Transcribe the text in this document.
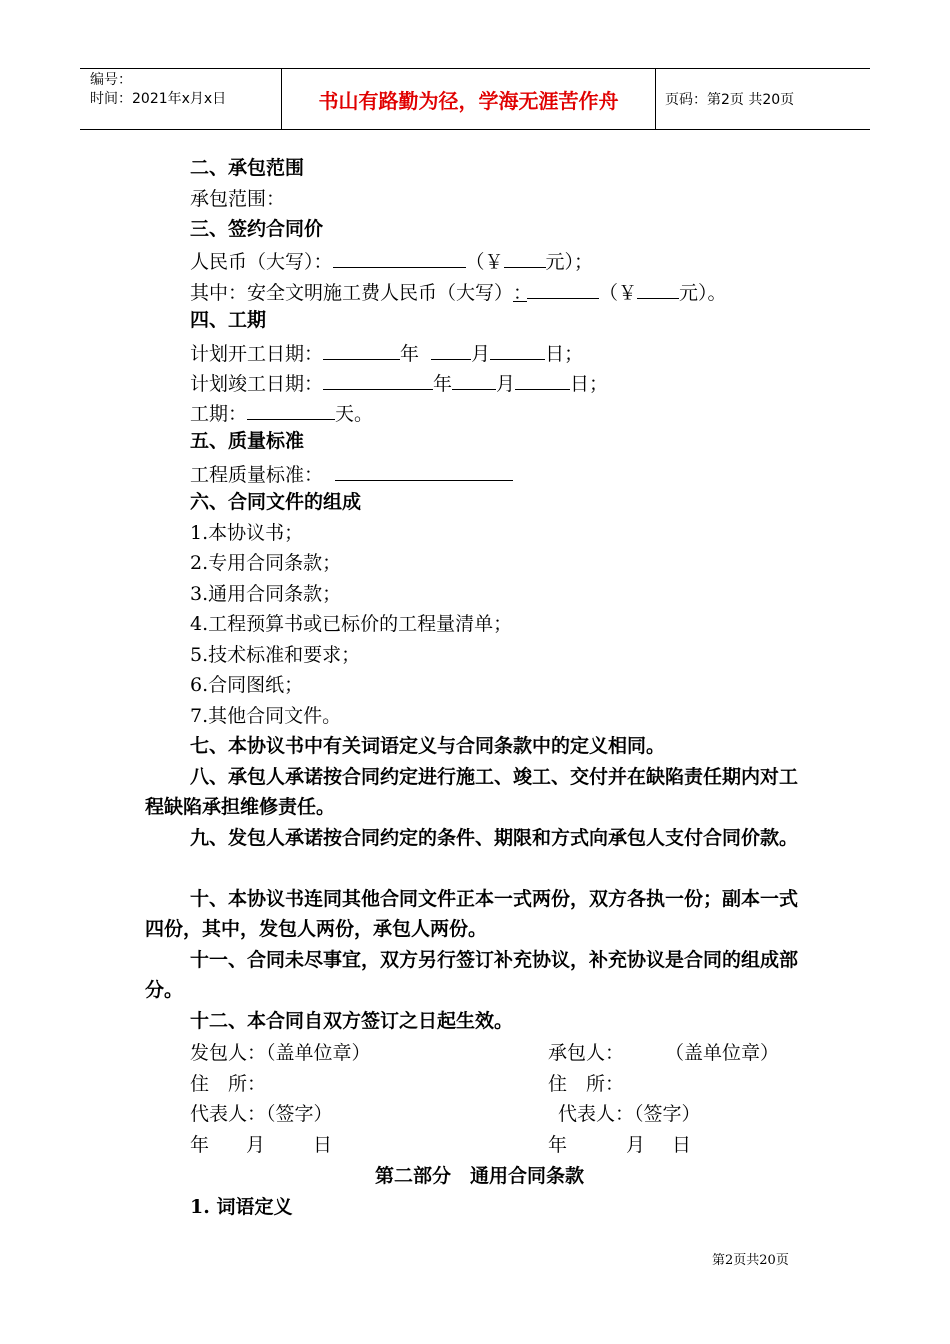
编号：
时间：2021年x月x日	书山有路勤为径，学海无涯苦作舟	页码：第2页 共20页
二、承包范围
承包范围：
三、签约合同价
人民币（大写）：	（￥ 元）；
其中：安全文明施工费人民币（大写）：	（￥ 元）。
四、工期
计划开工日期：	年	月	日；
计划竣工日期：	年 月	日；
工期：	天。
五、质量标准
工程质量标准：
六、合同文件的组成
1.本协议书；
2.专用合同条款；
3.通用合同条款；
4.工程预算书或已标价的工程量清单；
5.技术标准和要求；
6.合同图纸；
7.其他合同文件。
七、本协议书中有关词语定义与合同条款中的定义相同。
八、承包人承诺按合同约定进行施工、竣工、交付并在缺陷责任期内对工程缺陷承担维修责任。
九、发包人承诺按合同约定的条件、期限和方式向承包人支付合同价款。
十、本协议书连同其他合同文件正本一式两份，双方各执一份；副本一式四份，其中，发包人两份，承包人两份。
十一、合同未尽事宜，双方另行签订补充协议，补充协议是合同的组成部分。
十二、本合同自双方签订之日起生效。
发包人：（盖单位章）	承包人： （盖单位章）
住　所：	住　所：
代表人：（签字）	代表人：（签字）
年 月	日	年	月 日
第二部分　通用合同条款
1. 词语定义
第2页共20页
